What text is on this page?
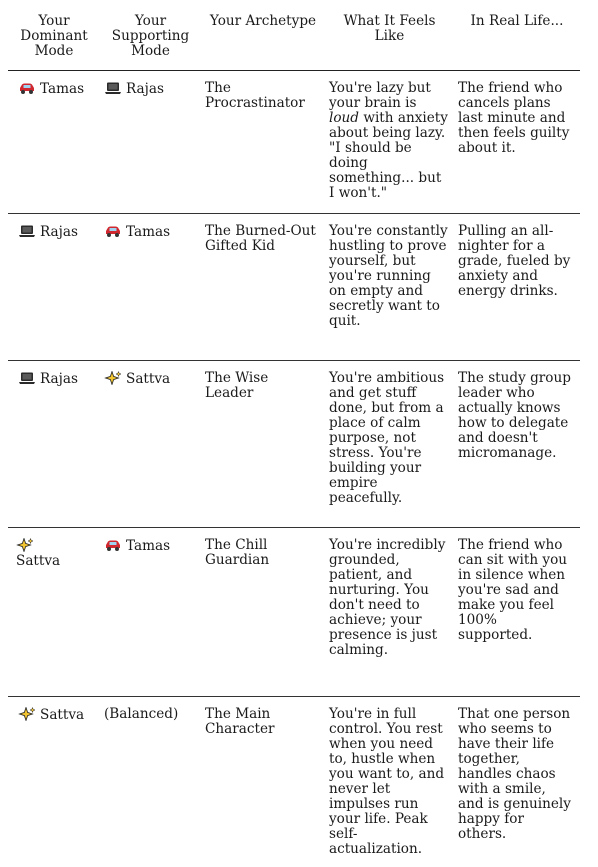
Your Dominant Mode	Your Supporting Mode	Your Archetype	What It Feels Like	In Real Life...
Tamas	Rajas	The Procrastinator	You're lazy but your brain is loud with anxiety about being lazy. "I should be doing something... but I won't."	The friend who cancels plans last minute and then feels guilty about it.
Rajas	Tamas	The Burned-Out Gifted Kid	You're constantly hustling to prove yourself, but you're running on empty and secretly want to quit.	Pulling an all-nighter for a grade, fueled by anxiety and energy drinks.
Rajas	Sattva	The Wise Leader	You're ambitious and get stuff done, but from a place of calm purpose, not stress. You're building your empire peacefully.	The study group leader who actually knows how to delegate and doesn't micromanage.

Sattva	Tamas	The Chill Guardian	You're incredibly grounded, patient, and nurturing. You don't need to achieve; your presence is just calming.	The friend who can sit with you in silence when you're sad and make you feel 100% supported.
Sattva	(Balanced)	The Main Character	You're in full control. You rest when you need to, hustle when you want to, and never let impulses run your life. Peak self-actualization.	That one person who seems to have their life together, handles chaos with a smile, and is genuinely happy for others.
